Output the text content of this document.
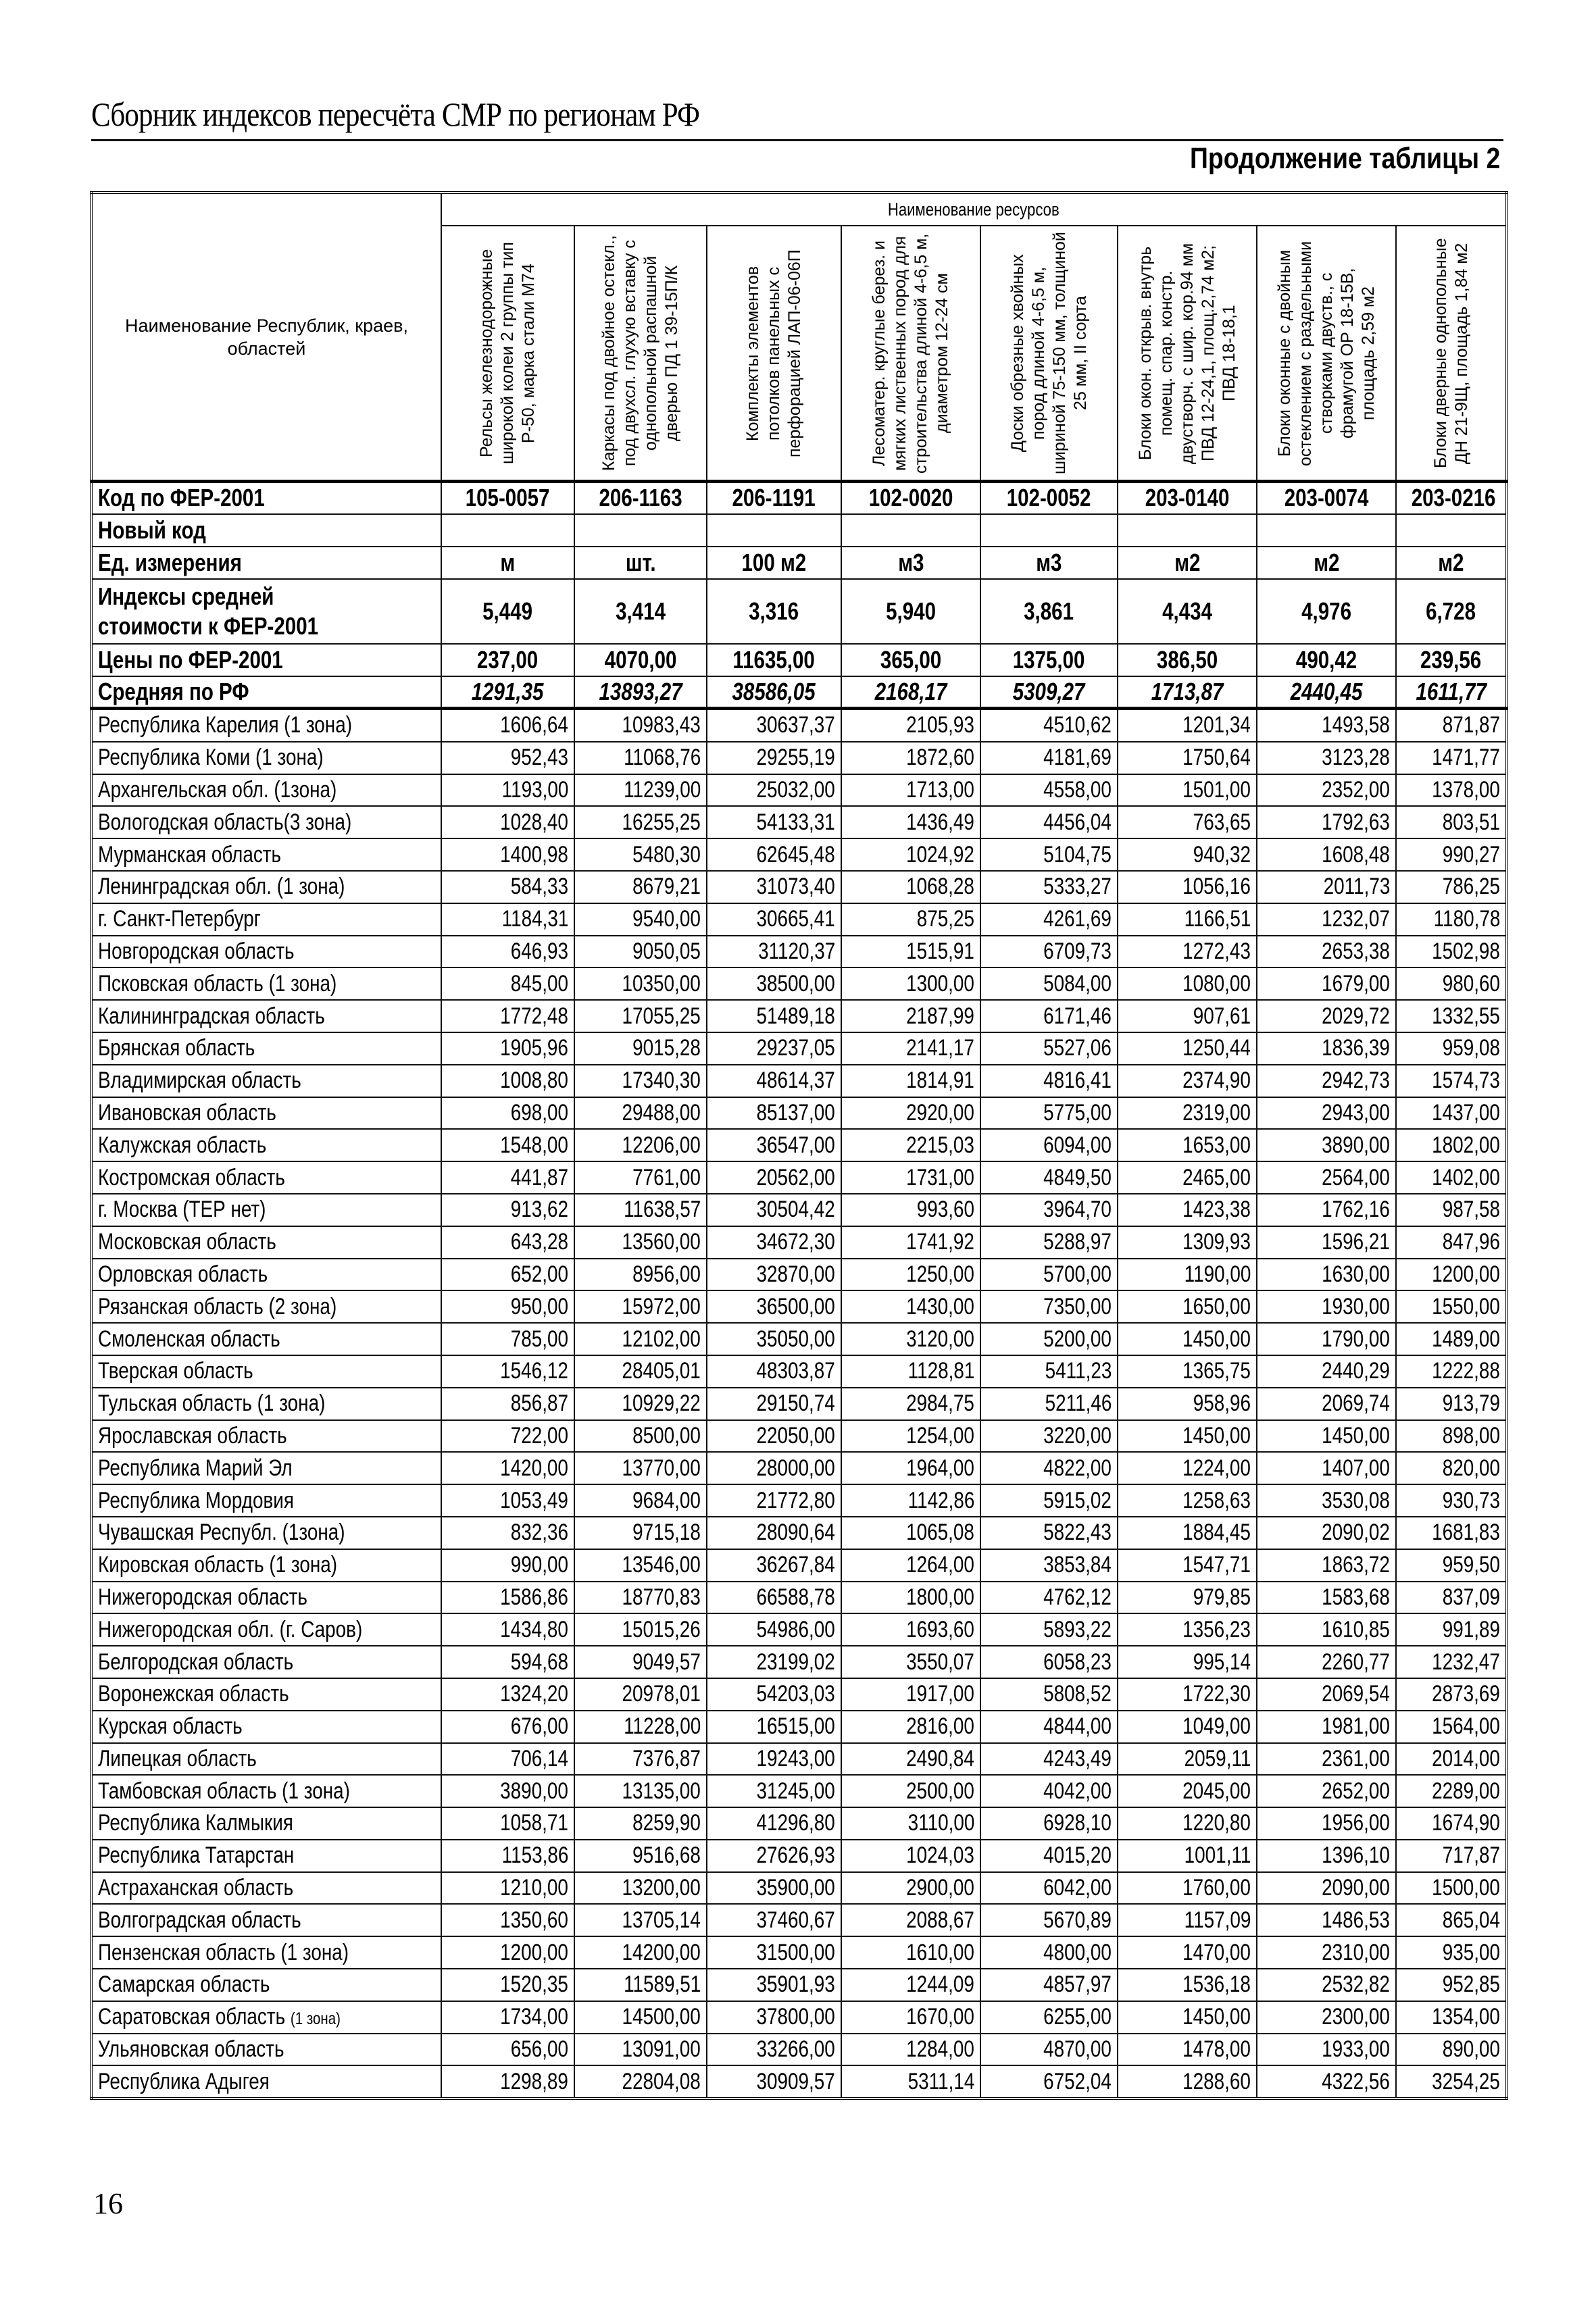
Сборник индексов пересчёта СМР по регионам РФ
Продолжение таблицы 2
Наименование Республик, краев, областей	Наименование ресурсов							

	Рельсы железнодорожные широкой колеи 2 группы тип Р-50, марка стали М74	Каркасы под двойное остекл., под двухсл. глухую вставку с однопольной распашной дверью ПД 1 39-15П/К	Комплекты элементов потолков панельных с перфорацией ЛАП-06-06П	Лесоматер. круглые берез. и мягких лиственных пород для строительства длиной 4-6,5 м, диаметром 12-24 см	Доски обрезные хвойных пород длиной 4-6,5 м, шириной 75-150 мм, толщиной 25 мм, II сорта	Блоки окон. открыв. внутрь помещ. спар. констр. двустворч. с шир. кор.94 мм ПВД 12-24,1, площ.2,74 м2; ПВД 18-18,1	Блоки оконные с двойным остеклением с раздельными створками двуств., с фрамугой ОР 18-15В, площадь 2,59 м2	Блоки дверные однопольные ДН 21-9Щ, площадь 1,84 м2

Код по ФЕР-2001	105-0057	206-1163	206-1191	102-0020	102-0052	203-0140	203-0074	203-0216
Новый код								
Ед. измерения	м	шт.	100 м2	м3	м3	м2	м2	м2
Индексы средней стоимости к ФЕР-2001	5,449	3,414	3,316	5,940	3,861	4,434	4,976	6,728
Цены по ФЕР-2001	237,00	4070,00	11635,00	365,00	1375,00	386,50	490,42	239,56
Средняя по РФ	1291,35	13893,27	38586,05	2168,17	5309,27	1713,87	2440,45	1611,77
Республика Карелия (1 зона)	1606,64	10983,43	30637,37	2105,93	4510,62	1201,34	1493,58	871,87
Республика Коми (1 зона)	952,43	11068,76	29255,19	1872,60	4181,69	1750,64	3123,28	1471,77
Архангельская обл. (1зона)	1193,00	11239,00	25032,00	1713,00	4558,00	1501,00	2352,00	1378,00
Вологодская область(3 зона)	1028,40	16255,25	54133,31	1436,49	4456,04	763,65	1792,63	803,51
Мурманская область	1400,98	5480,30	62645,48	1024,92	5104,75	940,32	1608,48	990,27
Ленинградская обл. (1 зона)	584,33	8679,21	31073,40	1068,28	5333,27	1056,16	2011,73	786,25
г. Санкт-Петербург	1184,31	9540,00	30665,41	875,25	4261,69	1166,51	1232,07	1180,78
Новгородская область	646,93	9050,05	31120,37	1515,91	6709,73	1272,43	2653,38	1502,98
Псковская область (1 зона)	845,00	10350,00	38500,00	1300,00	5084,00	1080,00	1679,00	980,60
Калининградская область	1772,48	17055,25	51489,18	2187,99	6171,46	907,61	2029,72	1332,55
Брянская область	1905,96	9015,28	29237,05	2141,17	5527,06	1250,44	1836,39	959,08
Владимирская область	1008,80	17340,30	48614,37	1814,91	4816,41	2374,90	2942,73	1574,73
Ивановская область	698,00	29488,00	85137,00	2920,00	5775,00	2319,00	2943,00	1437,00
Калужская область	1548,00	12206,00	36547,00	2215,03	6094,00	1653,00	3890,00	1802,00
Костромская область	441,87	7761,00	20562,00	1731,00	4849,50	2465,00	2564,00	1402,00
г. Москва (ТЕР нет)	913,62	11638,57	30504,42	993,60	3964,70	1423,38	1762,16	987,58
Московская область	643,28	13560,00	34672,30	1741,92	5288,97	1309,93	1596,21	847,96
Орловская область	652,00	8956,00	32870,00	1250,00	5700,00	1190,00	1630,00	1200,00
Рязанская область (2 зона)	950,00	15972,00	36500,00	1430,00	7350,00	1650,00	1930,00	1550,00
Смоленская область	785,00	12102,00	35050,00	3120,00	5200,00	1450,00	1790,00	1489,00
Тверская область	1546,12	28405,01	48303,87	1128,81	5411,23	1365,75	2440,29	1222,88
Тульская область (1 зона)	856,87	10929,22	29150,74	2984,75	5211,46	958,96	2069,74	913,79
Ярославская область	722,00	8500,00	22050,00	1254,00	3220,00	1450,00	1450,00	898,00
Республика Марий Эл	1420,00	13770,00	28000,00	1964,00	4822,00	1224,00	1407,00	820,00
Республика Мордовия	1053,49	9684,00	21772,80	1142,86	5915,02	1258,63	3530,08	930,73
Чувашская Республ. (1зона)	832,36	9715,18	28090,64	1065,08	5822,43	1884,45	2090,02	1681,83
Кировская область (1 зона)	990,00	13546,00	36267,84	1264,00	3853,84	1547,71	1863,72	959,50
Нижегородская область	1586,86	18770,83	66588,78	1800,00	4762,12	979,85	1583,68	837,09
Нижегородская обл. (г. Саров)	1434,80	15015,26	54986,00	1693,60	5893,22	1356,23	1610,85	991,89
Белгородская область	594,68	9049,57	23199,02	3550,07	6058,23	995,14	2260,77	1232,47
Воронежская область	1324,20	20978,01	54203,03	1917,00	5808,52	1722,30	2069,54	2873,69
Курская область	676,00	11228,00	16515,00	2816,00	4844,00	1049,00	1981,00	1564,00
Липецкая область	706,14	7376,87	19243,00	2490,84	4243,49	2059,11	2361,00	2014,00
Тамбовская область (1 зона)	3890,00	13135,00	31245,00	2500,00	4042,00	2045,00	2652,00	2289,00
Республика Калмыкия	1058,71	8259,90	41296,80	3110,00	6928,10	1220,80	1956,00	1674,90
Республика Татарстан	1153,86	9516,68	27626,93	1024,03	4015,20	1001,11	1396,10	717,87
Астраханская область	1210,00	13200,00	35900,00	2900,00	6042,00	1760,00	2090,00	1500,00
Волгоградская область	1350,60	13705,14	37460,67	2088,67	5670,89	1157,09	1486,53	865,04
Пензенская область (1 зона)	1200,00	14200,00	31500,00	1610,00	4800,00	1470,00	2310,00	935,00
Самарская область	1520,35	11589,51	35901,93	1244,09	4857,97	1536,18	2532,82	952,85
Саратовская область (1 зона)	1734,00	14500,00	37800,00	1670,00	6255,00	1450,00	2300,00	1354,00
Ульяновская область	656,00	13091,00	33266,00	1284,00	4870,00	1478,00	1933,00	890,00
Республика Адыгея	1298,89	22804,08	30909,57	5311,14	6752,04	1288,60	4322,56	3254,25
16
